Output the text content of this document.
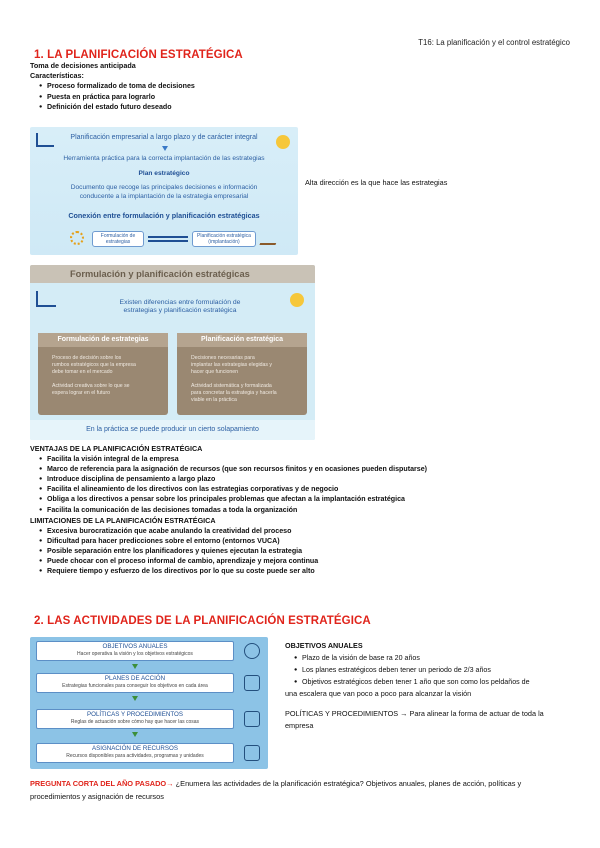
T16: La planificación y el control estratégico
1. LA PLANIFICACIÓN ESTRATÉGICA
Toma de decisiones anticipada
Características:
● Proceso formalizado de toma de decisiones
● Puesta en práctica para lograrlo
● Definición del estado futuro deseado
Planificación empresarial a largo plazo y de carácter integral
Herramienta práctica para la correcta implantación de las estrategias
Plan estratégico
Documento que recoge las principales decisiones e información
conducente a la implantación de la estrategia empresarial
Conexión entre formulación y planificación estratégicas
Formulación de estrategias
Planificación estratégica (implantación)
Alta dirección es la que hace las estrategias
Formulación y planificación estratégicas
Existen diferencias entre formulación de
estrategias y planificación estratégica
Formulación de estrategias
Proceso de decisión sobre los
rumbos estratégicos que la empresa
debe tomar en el mercado
Actividad creativa sobre lo que se
espera lograr en el futuro
Planificación estratégica
Decisiones necesarias para
implantar las estrategias elegidas y
hacer que funcionen
Actividad sistemática y formalizada
para concretar la estrategia y hacerla
viable en la práctica
En la práctica se puede producir un cierto solapamiento
VENTAJAS DE LA PLANIFICACIÓN ESTRATÉGICA
● Facilita la visión integral de la empresa
● Marco de referencia para la asignación de recursos (que son recursos finitos y en ocasiones pueden disputarse)
● Introduce disciplina de pensamiento a largo plazo
● Facilita el alineamiento de los directivos con las estrategias corporativas y de negocio
● Obliga a los directivos a pensar sobre los principales problemas que afectan a la implantación estratégica
● Facilita la comunicación de las decisiones tomadas a toda la organización
LIMITACIONES DE LA PLANIFICACIÓN ESTRATÉGICA
● Excesiva burocratización que acabe anulando la creatividad del proceso
● Dificultad para hacer predicciones sobre el entorno (entornos VUCA)
● Posible separación entre los planificadores y quienes ejecutan la estrategia
● Puede chocar con el proceso informal de cambio, aprendizaje y mejora continua
● Requiere tiempo y esfuerzo de los directivos por lo que su coste puede ser alto
2. LAS ACTIVIDADES DE LA PLANIFICACIÓN ESTRATÉGICA
OBJETIVOS ANUALES
Hacer operativa la visión y los objetivos estratégicos
PLANES DE ACCIÓN
Estrategias funcionales para conseguir los objetivos en cada área
POLÍTICAS Y PROCEDIMIENTOS
Reglas de actuación sobre cómo hay que hacer las cosas
ASIGNACIÓN DE RECURSOS
Recursos disponibles para actividades, programas y unidades
OBJETIVOS ANUALES
● Plazo de la visión de base ra 20 años
● Los planes estratégicos deben tener un periodo de 2/3 años
● Objetivos estratégicos deben tener 1 año que son como los peldaños de
una escalera que van poco a poco para alcanzar la visión
POLÍTICAS Y PROCEDIMIENTOS → Para alinear la forma de actuar de toda la
empresa
PREGUNTA CORTA DEL AÑO PASADO→ ¿Enumera las actividades de la planificación estratégica? Objetivos anuales, planes de acción, políticas y
procedimientos y asignación de recursos
